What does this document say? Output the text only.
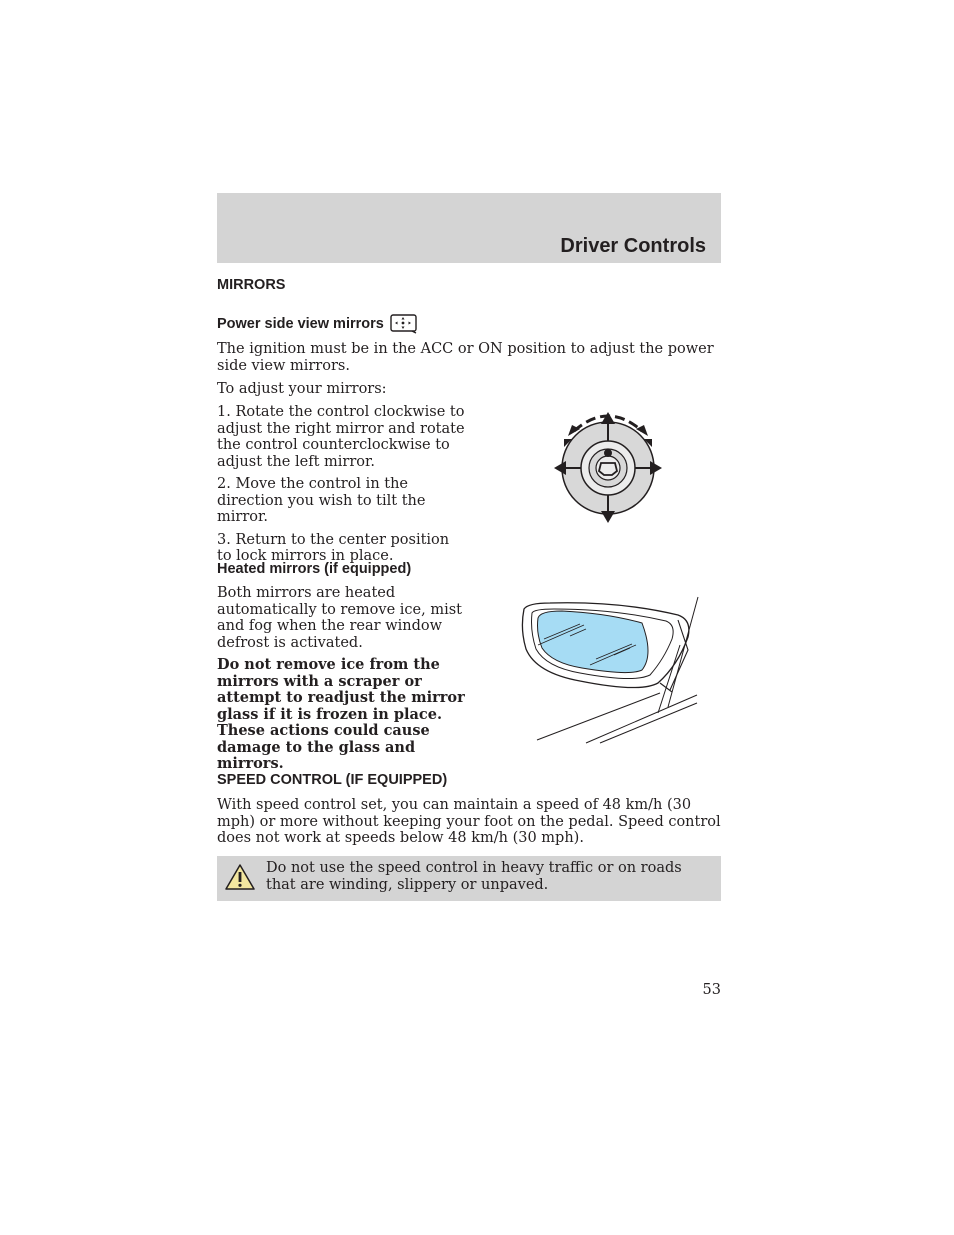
Driver Controls
MIRRORS
Power side view mirrors

The ignition must be in the ACC or ON position to adjust the power side view mirrors.

To adjust your mirrors:

1. Rotate the control clockwise to adjust the right mirror and rotate the control counterclockwise to adjust the left mirror.

2. Move the control in the direction you wish to tilt the mirror.

3. Return to the center position to lock mirrors in place.

Heated mirrors (if equipped)

Both mirrors are heated automatically to remove ice, mist and fog when the rear window defrost is activated.

Do not remove ice from the mirrors with a scraper or attempt to readjust the mirror glass if it is frozen in place. These actions could cause damage to the glass and mirrors.

SPEED CONTROL (IF EQUIPPED)

With speed control set, you can maintain a speed of 48 km/h (30 mph) or more without keeping your foot on the pedal. Speed control does not work at speeds below 48 km/h (30 mph).

Do not use the speed control in heavy traffic or on roads that are winding, slippery or unpaved.

53
